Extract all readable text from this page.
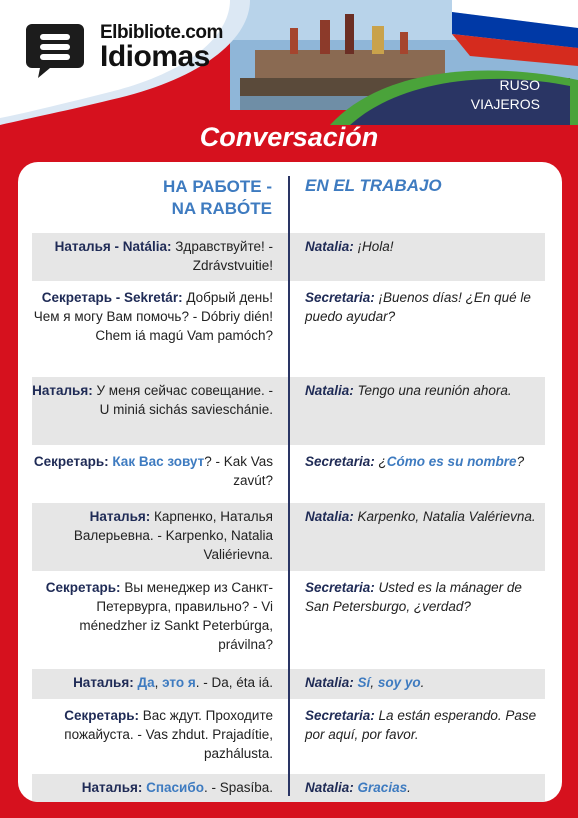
Elbibliote.com
Idiomas
RUSO
VIAJEROS
Conversación
НА РАБОТЕ -
NA RABÓTE
EN EL TRABAJO
Наталья - Natália: Здравствуйте! - Zdrávstvuitie!
Natalia: ¡Hola!
Секретарь - Sekretár: Добрый день! Чем я могу Вам помочь? - Dóbriy dién! Chem iá magú Vam pamóch?
Secretaria: ¡Buenos días! ¿En qué le puedo ayudar?
Наталья: У меня сейчас совещание. - U miniá sichás savieschánie.
Natalia: Tengo una reunión ahora.
Секретарь: Как Вас зовут? - Kak Vas zavút?
Secretaria: ¿Cómo es su nombre?
Наталья: Карпенко, Наталья Валерьевна. - Karpenko, Natalia Valiérievna.
Natalia: Karpenko, Natalia Valérievna.
Секретарь: Вы менеджер из Санкт-Петервурга, правильно? - Vi ménedzher iz Sankt Peterbúrga, právilna?
Secretaria: Usted es la mánager de San Petersburgo, ¿verdad?
Наталья: Да, это я. - Da, éta iá. Natalia: Sí, soy yo.
Секретарь: Вас ждут. Проходите пожайуста. - Vas zhdut. Prajadítie, pazhálusta.
Secretaria: La están esperando. Pase por aquí, por favor.
Наталья: Спасибо. - Spasíba. Natalia: Gracias.
